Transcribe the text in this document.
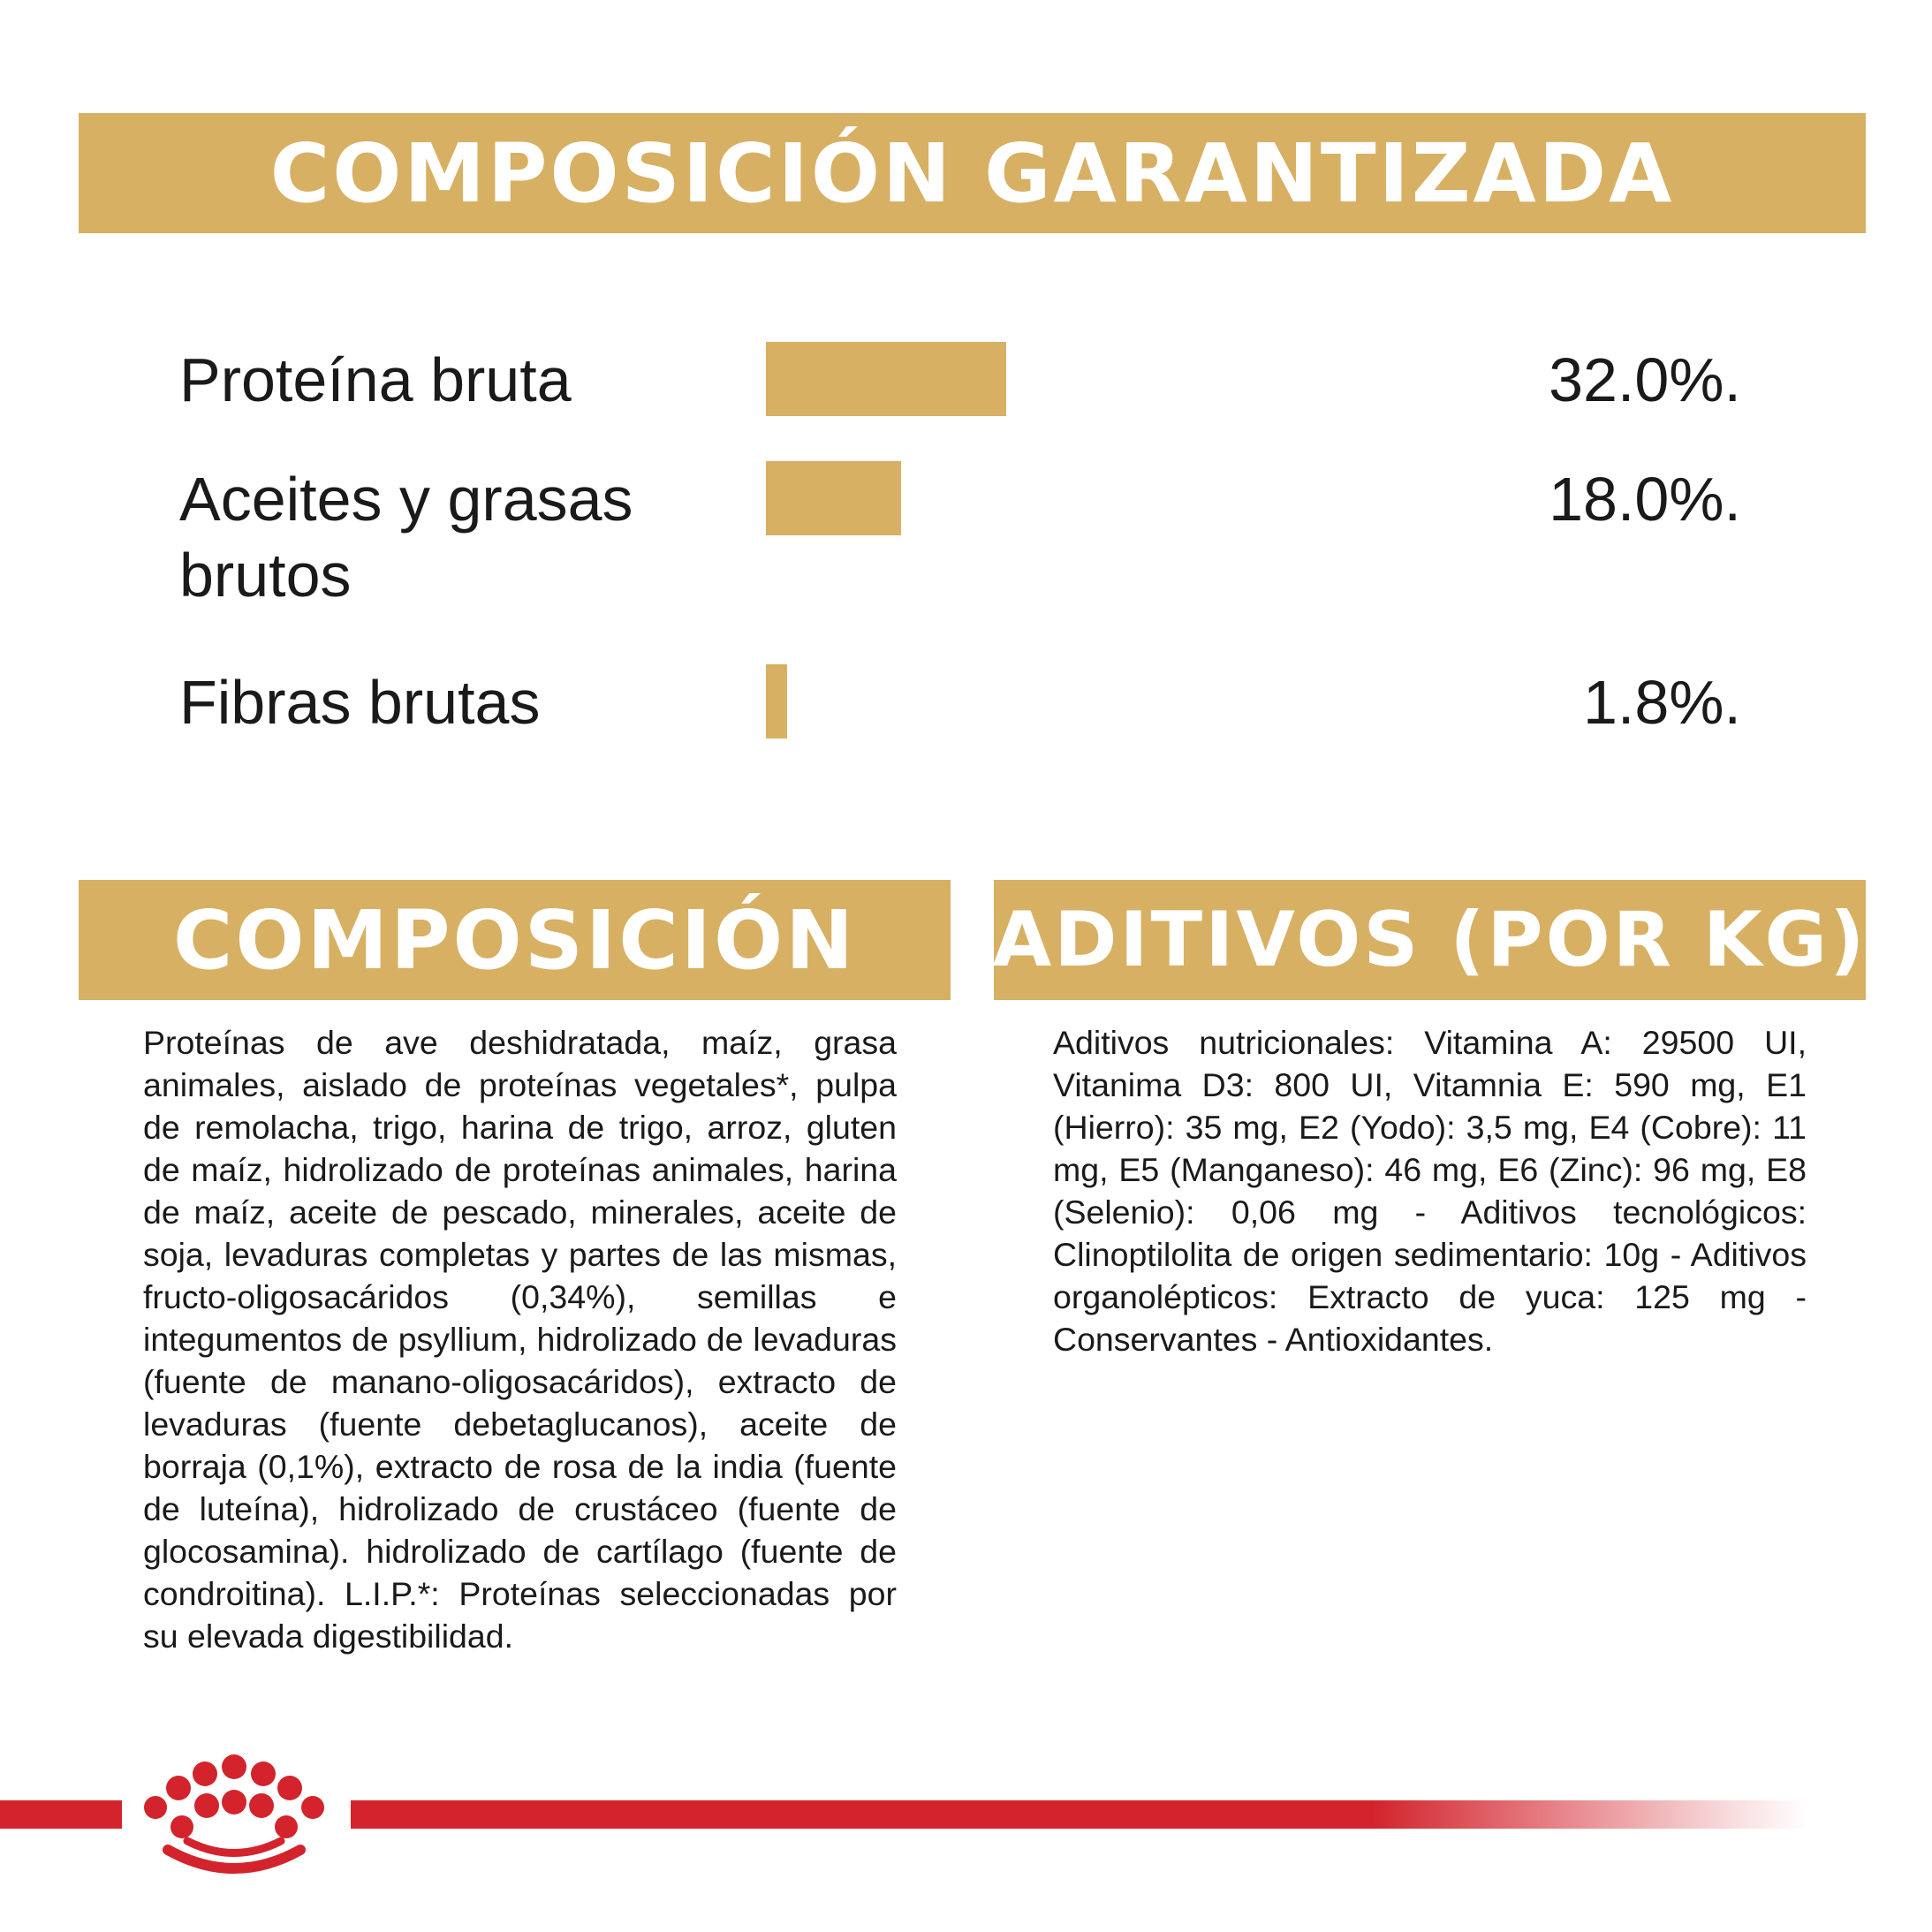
COMPOSICIÓN GARANTIZADA
Proteína bruta	32.0%.
Aceites y grasas brutos
18.0%.
Fibras brutas	1.8%.
COMPOSICIÓN ADITIVOS (POR KG)
Proteínas de ave deshidratada, maíz, grasa animales, aislado de proteínas vegetales*, pulpa de remolacha, trigo, harina de trigo, arroz, gluten de maíz, hidrolizado de proteínas animales, harina de maíz, aceite de pescado, minerales, aceite de soja, levaduras completas y partes de las mismas, fructo-oligosacáridos (0,34%), semillas e integumentos de psyllium, hidrolizado de levaduras (fuente de manano-oligosacáridos), extracto de levaduras (fuente debetaglucanos), aceite de borraja (0,1%), extracto de rosa de la india (fuente de luteína), hidrolizado de crustáceo (fuente de glocosamina). hidrolizado de cartílago (fuente de condroitina). L.I.P.*: Proteínas seleccionadas por su elevada digestibilidad.
Aditivos nutricionales: Vitamina A: 29500 UI, Vitanima D3: 800 UI, Vitamnia E: 590 mg, E1 (Hierro): 35 mg, E2 (Yodo): 3,5 mg, E4 (Cobre): 11 mg, E5 (Manganeso): 46 mg, E6 (Zinc): 96 mg, E8 (Selenio): 0,06 mg - Aditivos tecnológicos: Clinoptilolita de origen sedimentario: 10g - Aditivos organolépticos: Extracto de yuca: 125 mg - Conservantes - Antioxidantes.
